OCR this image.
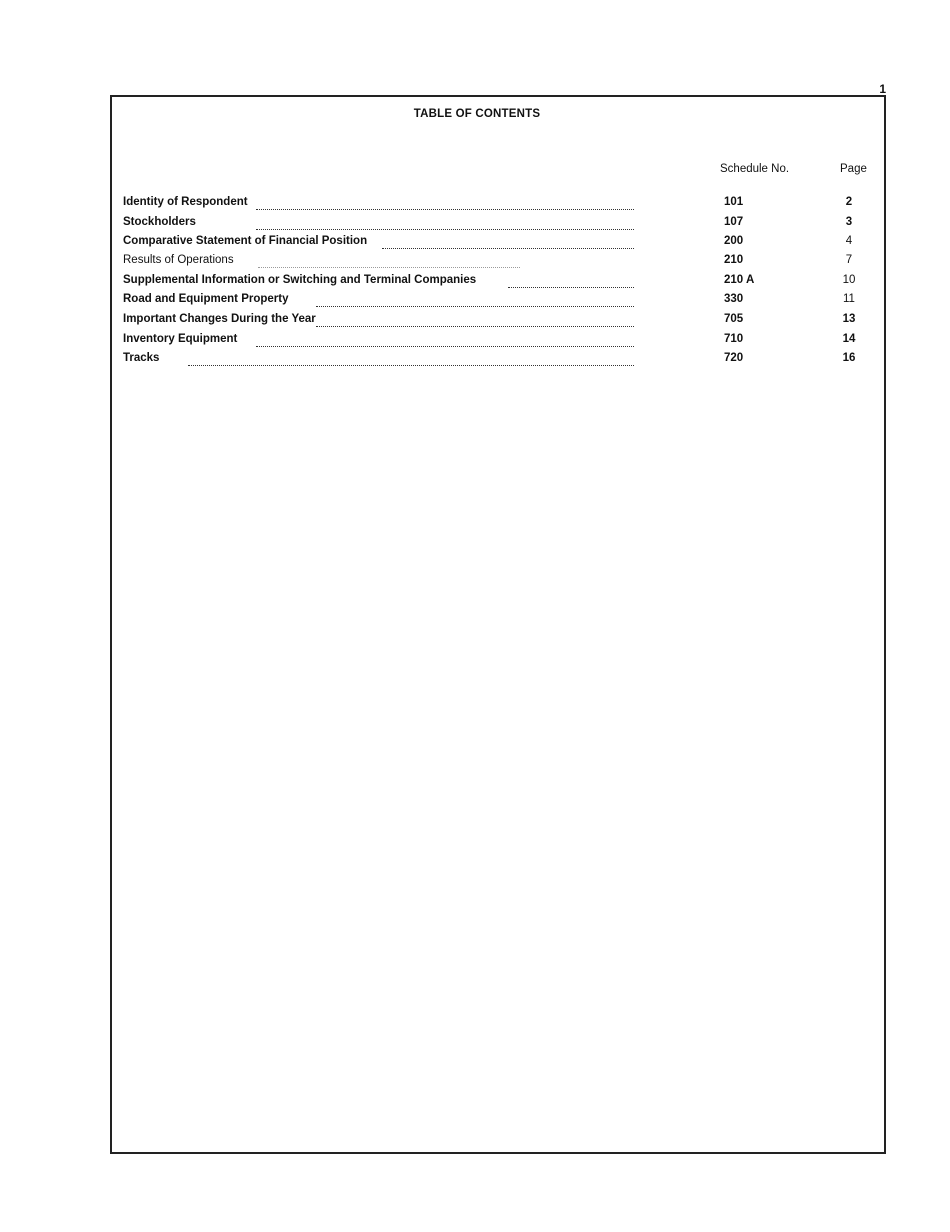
1
TABLE OF CONTENTS
Schedule No.	Page
Identity of Respondent	101	2
Stockholders	107	3
Comparative Statement of Financial Position	200	4
Results of Operations	210	7
Supplemental Information or Switching and Terminal Companies	210 A	10
Road and Equipment Property	330	11
Important Changes During the Year	705	13
Inventory Equipment	710	14
Tracks	720	16
